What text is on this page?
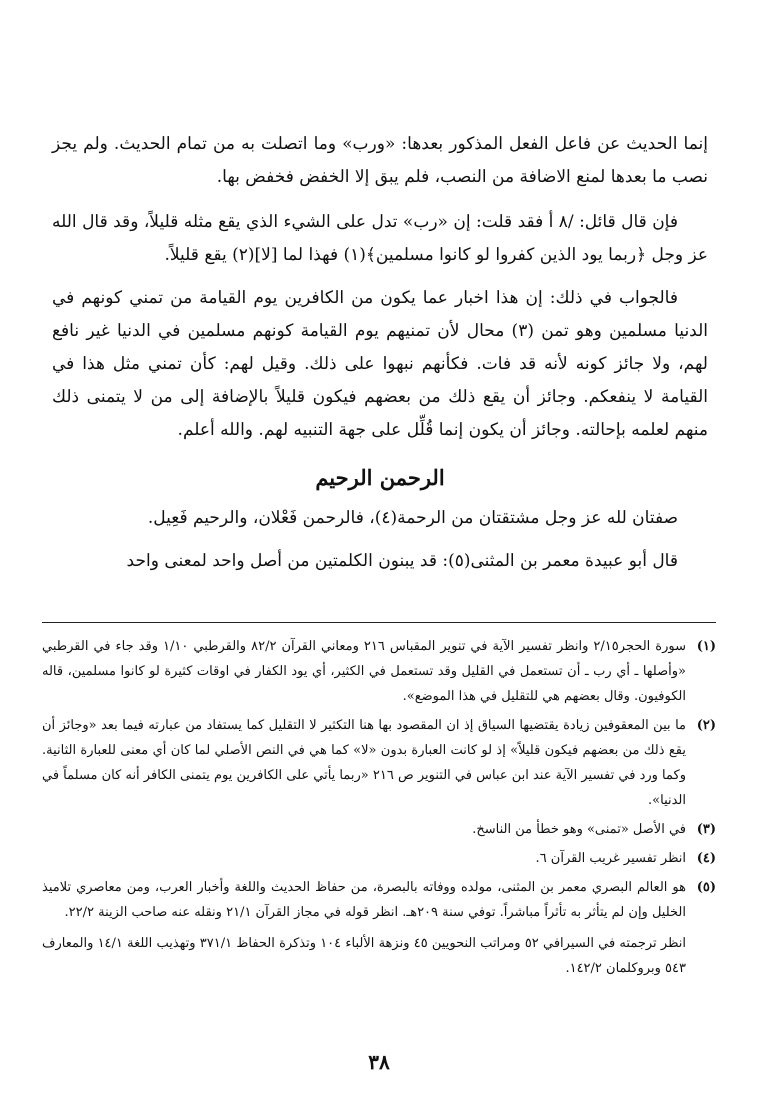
إنما الحديث عن فاعل الفعل المذكور بعدها: «ورب» وما اتصلت به من تمام الحديث. ولم يجز نصب ما بعدها لمنع الاضافة من النصب، فلم يبق إلا الخفض فخفض بها.

فإن قال قائل: /٨ أ فقد قلت: إن «رب» تدل على الشيء الذي يقع مثله قليلاً، وقد قال الله عز وجل ﴿ربما يود الذين كفروا لو كانوا مسلمين﴾(١) فهذا لما [لا](٢) يقع قليلاً.

فالجواب في ذلك: إن هذا اخبار عما يكون من الكافرين يوم القيامة من تمني كونهم في الدنيا مسلمين وهو تمن (٣) محال لأن تمنيهم يوم القيامة كونهم مسلمين في الدنيا غير نافع لهم، ولا جائز كونه لأنه قد فات. فكأنهم نبهوا على ذلك. وقيل لهم: كأن تمني مثل هذا في القيامة لا ينفعكم. وجائز أن يقع ذلك من بعضهم فيكون قليلاً بالإضافة إلى من لا يتمنى ذلك منهم لعلمه بإحالته. وجائز أن يكون إنما قُلِّل على جهة التنبيه لهم. والله أعلم.

الرحمن الرحيم

صفتان لله عز وجل مشتقتان من الرحمة(٤)، فالرحمن فَعْلان، والرحيم فَعِيل.

قال أبو عبيدة معمر بن المثنى(٥): قد يبنون الكلمتين من أصل واحد لمعنى واحد

(١)
سورة الحجر٢/١٥ وانظر تفسير الآية في تنوير المقباس ٢١٦ ومعاني القرآن ٨٢/٢ والقرطبي ١/١٠ وقد جاء في القرطبي «وأصلها ـ أي رب ـ أن تستعمل في القليل وقد تستعمل في الكثير، أي يود الكفار في اوقات كثيرة لو كانوا مسلمين، قاله الكوفيون. وقال بعضهم هي للتقليل في هذا الموضع».
(٢)
ما بين المعقوفين زيادة يقتضيها السياق إذ ان المقصود بها هنا التكثير لا التقليل كما يستفاد من عبارته فيما بعد «وجائز أن يقع ذلك من بعضهم فيكون قليلاً» إذ لو كانت العبارة بدون «لا» كما هي في النص الأصلي لما كان أي معنى للعبارة الثانية. وكما ورد في تفسير الآية عند ابن عباس في التنوير ص ٢١٦ «ربما يأتي على الكافرين يوم يتمنى الكافر أنه كان مسلماً في الدنيا».
(٣)
في الأصل «تمنى» وهو خطأ من الناسخ.
(٤)
انظر تفسير غريب القرآن ٦.
(٥)
هو العالم البصري معمر بن المثنى، مولده ووفاته بالبصرة، من حفاظ الحديث واللغة وأخبار العرب، ومن معاصري تلاميذ الخليل وإن لم يتأثر به تأثراً مباشراً. توفي سنة ٢٠٩هـ. انظر قوله في مجاز القرآن ٢١/١ ونقله عنه صاحب الزينة ٢٢/٢.
انظر ترجمته في السيرافي ٥٢ ومراتب النحويين ٤٥ ونزهة الألباء ١٠٤ وتذكرة الحفاظ ٣٧١/١ وتهذيب اللغة ١٤/١ والمعارف ٥٤٣ وبروكلمان ١٤٢/٢.
٣٨
